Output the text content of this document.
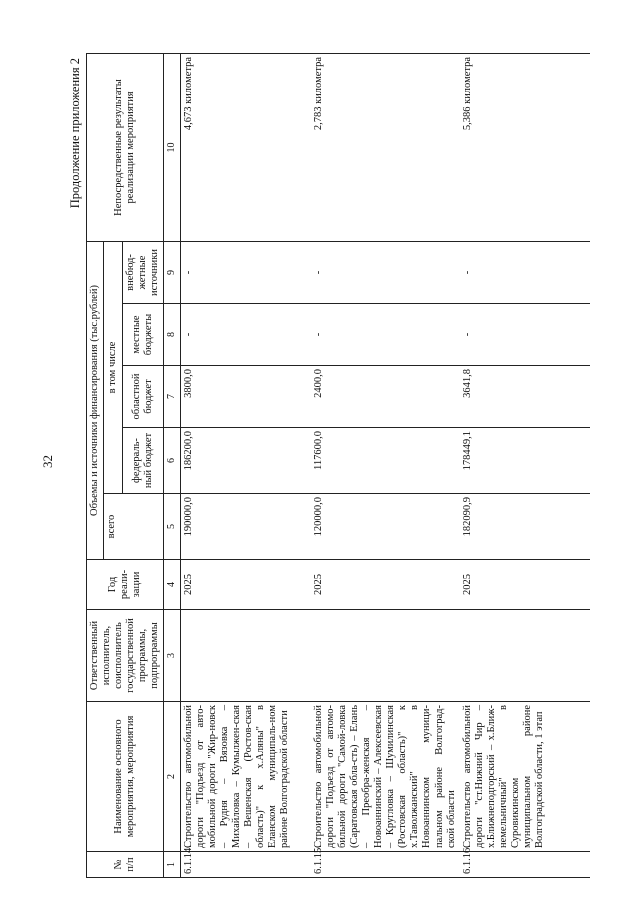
32
Продолжение приложения 2
№ п/п	Наименование основного мероприятия, мероприятия	Ответственный исполнитель, соисполнитель государственной программы, подпрограммы	Год реали-зации	Объемы и источники финансирования (тыс.рублей)					Непосредственные результаты реализации мероприятия
				всего	в том числе				
					федераль-ный бюджет	областной бюджет	местные бюджеты	внебюд-жетные источники	
1	2	3	4	5	6	7	8	9	10
6.1.14.	Строительство автомобильной дороги "Подъезд от авто-мобильной дороги "Жир-новск – Рудня – Вязовка – Михайловка – Кумылжен-ская – Вешенская (Ростов-ская область)" к х.Аляны" в Еланском муниципаль-ном районе Волгоградской области		2025	190000,0	186200,0	3800,0	-	-	4,673 километра
6.1.15.	Строительство автомобильной дороги "Подъезд от автомо-бильной дороги "Самой-ловка (Саратовская обла-сть) – Елань – Преобра-женская – Новоаннинский – Алексеевская – Кругловка – Шумилинская (Ростовская область)" к х.Таволжанский" в Новоаннинском муници-пальном районе Волгоград-ской области		2025	120000,0	117600,0	2400,0	-	-	2,783 километра
6.1.16.	Строительство автомобильной дороги "ст.Нижний Чир – х.Ближнеподгорский – х.Ближ-немельничный" в Суровикинском муниципальном районе Волгоградской области, 1 этап		2025	182090,9	178449,1	3641,8	-	-	5,386 километра
